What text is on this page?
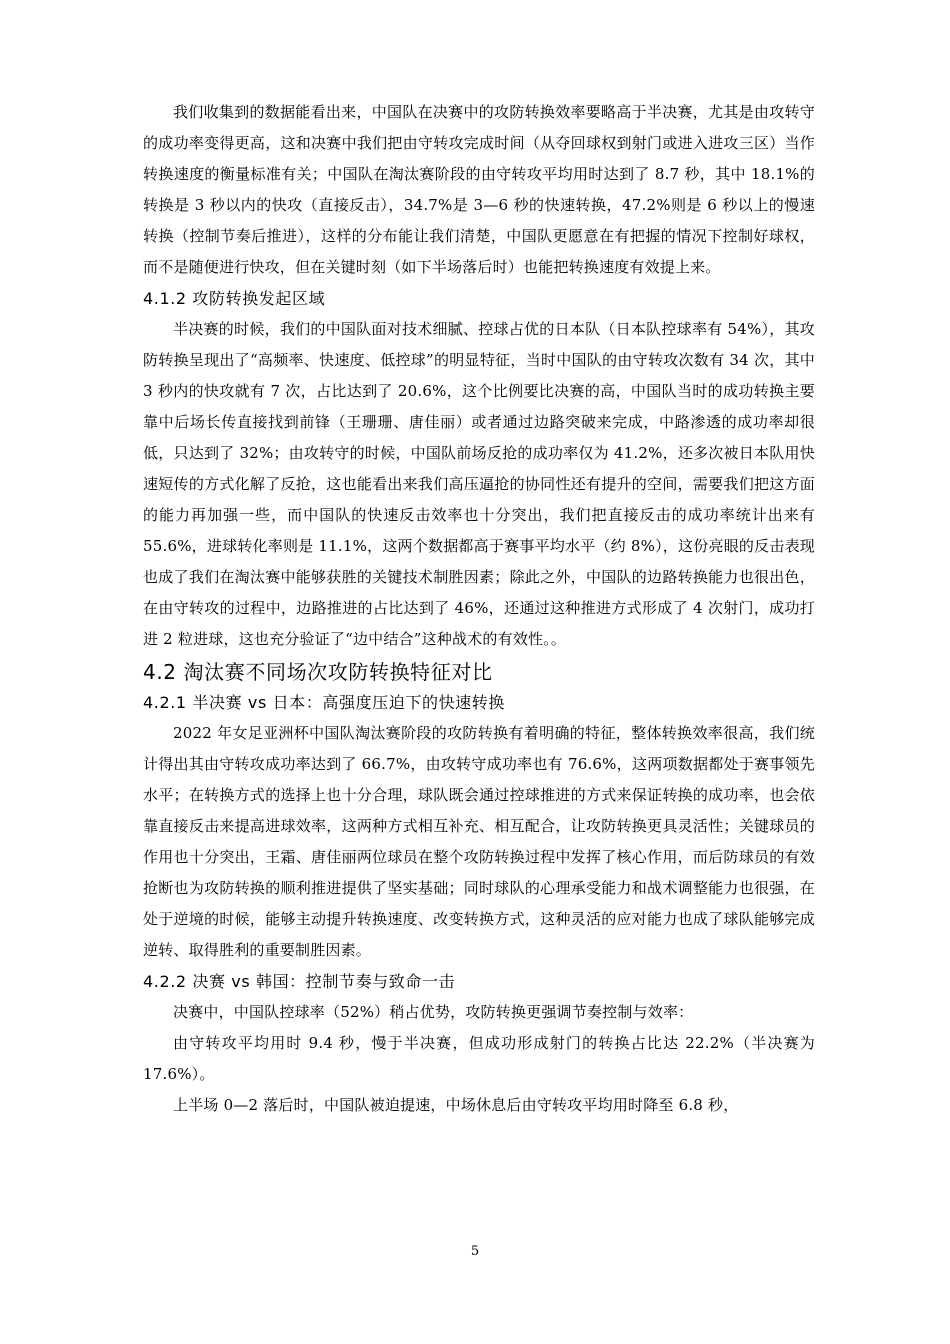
我们收集到的数据能看出来，中国队在决赛中的攻防转换效率要略高于半决赛，尤其是由攻转守的成功率变得更高，这和决赛中我们把由守转攻完成时间（从夺回球权到射门或进入进攻三区）当作转换速度的衡量标准有关；中国队在淘汰赛阶段的由守转攻平均用时达到了 8.7 秒，其中 18.1%的转换是 3 秒以内的快攻（直接反击），34.7%是 3—6 秒的快速转换，47.2%则是 6 秒以上的慢速转换（控制节奏后推进），这样的分布能让我们清楚，中国队更愿意在有把握的情况下控制好球权，而不是随便进行快攻，但在关键时刻（如下半场落后时）也能把转换速度有效提上来。

4.1.2 攻防转换发起区域

半决赛的时候，我们的中国队面对技术细腻、控球占优的日本队（日本队控球率有 54%），其攻防转换呈现出了“高频率、快速度、低控球”的明显特征，当时中国队的由守转攻次数有 34 次，其中 3 秒内的快攻就有 7 次，占比达到了 20.6%，这个比例要比决赛的高，中国队当时的成功转换主要靠中后场长传直接找到前锋（王珊珊、唐佳丽）或者通过边路突破来完成，中路渗透的成功率却很低，只达到了 32%；由攻转守的时候，中国队前场反抢的成功率仅为 41.2%，还多次被日本队用快速短传的方式化解了反抢，这也能看出来我们高压逼抢的协同性还有提升的空间，需要我们把这方面的能力再加强一些，而中国队的快速反击效率也十分突出，我们把直接反击的成功率统计出来有 55.6%，进球转化率则是 11.1%，这两个数据都高于赛事平均水平（约 8%），这份亮眼的反击表现也成了我们在淘汰赛中能够获胜的关键技术制胜因素；除此之外，中国队的边路转换能力也很出色，在由守转攻的过程中，边路推进的占比达到了 46%，还通过这种推进方式形成了 4 次射门，成功打进 2 粒进球，这也充分验证了“边中结合”这种战术的有效性。。

4.2 淘汰赛不同场次攻防转换特征对比
4.2.1 半决赛 vs 日本：高强度压迫下的快速转换

2022 年女足亚洲杯中国队淘汰赛阶段的攻防转换有着明确的特征，整体转换效率很高，我们统计得出其由守转攻成功率达到了 66.7%，由攻转守成功率也有 76.6%，这两项数据都处于赛事领先水平；在转换方式的选择上也十分合理，球队既会通过控球推进的方式来保证转换的成功率，也会依靠直接反击来提高进球效率，这两种方式相互补充、相互配合，让攻防转换更具灵活性；关键球员的作用也十分突出，王霜、唐佳丽两位球员在整个攻防转换过程中发挥了核心作用，而后防球员的有效抢断也为攻防转换的顺利推进提供了坚实基础；同时球队的心理承受能力和战术调整能力也很强，在处于逆境的时候，能够主动提升转换速度、改变转换方式，这种灵活的应对能力也成了球队能够完成逆转、取得胜利的重要制胜因素。

4.2.2 决赛 vs 韩国：控制节奏与致命一击

决赛中，中国队控球率（52%）稍占优势，攻防转换更强调节奏控制与效率：

由守转攻平均用时 9.4 秒，慢于半决赛，但成功形成射门的转换占比达 22.2%（半决赛为 17.6%）。

上半场 0—2 落后时，中国队被迫提速，中场休息后由守转攻平均用时降至 6.8 秒，

5
